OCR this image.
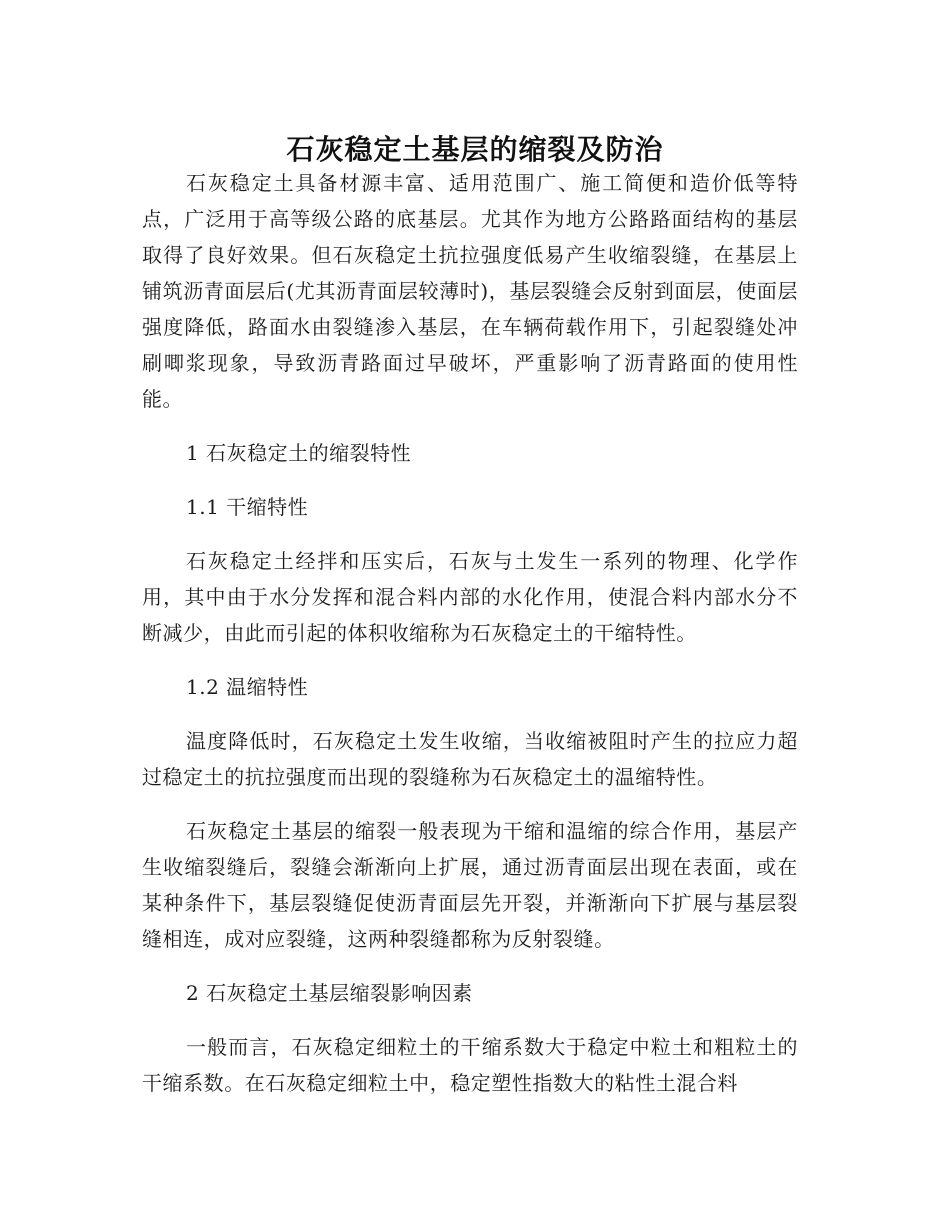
石灰稳定土基层的缩裂及防治

石灰稳定土具备材源丰富、适用范围广、施工简便和造价低等特点，广泛用于高等级公路的底基层。尤其作为地方公路路面结构的基层取得了良好效果。但石灰稳定土抗拉强度低易产生收缩裂缝，在基层上铺筑沥青面层后(尤其沥青面层较薄时)，基层裂缝会反射到面层，使面层强度降低，路面水由裂缝渗入基层，在车辆荷载作用下，引起裂缝处冲刷唧浆现象，导致沥青路面过早破坏，严重影响了沥青路面的使用性能。

1 石灰稳定土的缩裂特性

1.1 干缩特性

石灰稳定土经拌和压实后，石灰与土发生一系列的物理、化学作用，其中由于水分发挥和混合料内部的水化作用，使混合料内部水分不断减少，由此而引起的体积收缩称为石灰稳定土的干缩特性。

1.2 温缩特性

温度降低时，石灰稳定土发生收缩，当收缩被阻时产生的拉应力超过稳定土的抗拉强度而出现的裂缝称为石灰稳定土的温缩特性。

石灰稳定土基层的缩裂一般表现为干缩和温缩的综合作用，基层产生收缩裂缝后，裂缝会渐渐向上扩展，通过沥青面层出现在表面，或在某种条件下，基层裂缝促使沥青面层先开裂，并渐渐向下扩展与基层裂缝相连，成对应裂缝，这两种裂缝都称为反射裂缝。

2 石灰稳定土基层缩裂影响因素

一般而言，石灰稳定细粒土的干缩系数大于稳定中粒土和粗粒土的干缩系数。在石灰稳定细粒土中，稳定塑性指数大的粘性土混合料
